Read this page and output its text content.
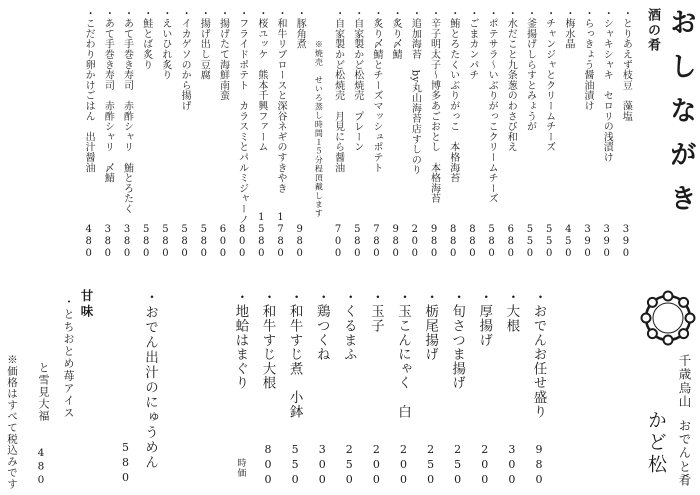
おしながき
酒の肴
・とりあえず枝豆　藻塩
390
・シャキシャキ　セロリの浅漬け
390
・らっきょう醤油漬け
390
・梅水晶
450
・チャンジャとクリームチーズ
550
・釜揚げしらすとみょうが
550
・水だこと九条葱のわさび和え
680
・ポテサラ～いぶりがっこクリームチーズ
580
・ごまカンパチ
880
・鮪とろたくいぶりがっこ　本格海苔
880
・辛子明太子～博多あごおとし　本格海苔
980
・追加海苔　by丸山海苔店すしのり
200
・炙り〆鯖
980
・炙り〆鯖とチーズマッシュポテト
780
・自家製かど松焼売　プレーン
580
・自家製かど松焼売　月見にら醤油
700
※焼売　せいろ蒸し時間１５分程頂戴します
・豚角煮
980
・和牛リブロースと深谷ネギのすきやき
1780
・桜ユッケ　熊本千興ファーム
1580
・フライドポテト　カラスミとパルミジャーノ
800
・揚げたて海鮮南蛮
600
・揚げ出し豆腐
580
・イカゲソのから揚げ
580
・えいひれ炙り
580
・鮭とば炙り
580
・あて手巻き寿司　赤酢シャリ　鮪とろたく
380
・あて手巻き寿司　赤酢シャリ　〆鯖
380
・こだわり卵かけごはん　出汁醤油
480
千歳烏山おでんと肴
かど松
・おでんお任せ盛り
980
・大根
300
・厚揚げ
200
・旬さつま揚げ
250
・栃尾揚げ
250
・玉こんにゃく　白
200
・玉子
200
・くるまふ
250
・鶏つくね
300
・和牛すじ煮　小鉢
550
・和牛すじ大根
800
・地蛤はまぐり
時価
・おでん出汁のにゅうめん
580
甘味
・とちおとめ苺アイス
と雪見大福
480
※価格はすべて税込みです
